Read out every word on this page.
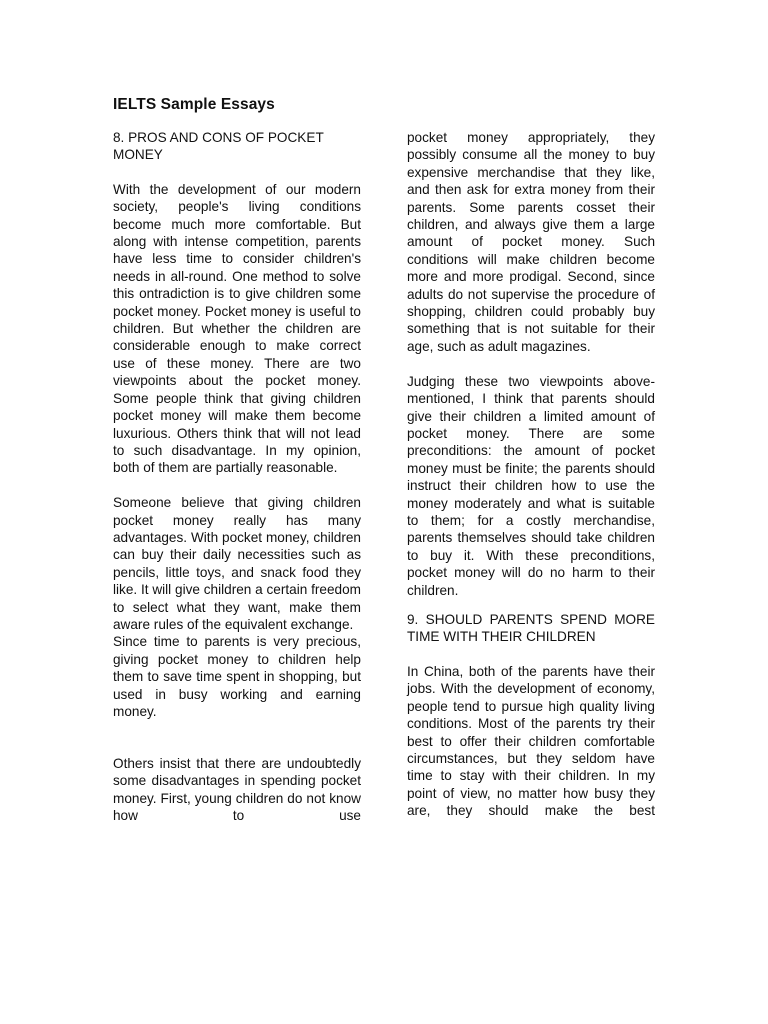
IELTS Sample Essays

8. PROS AND CONS OF POCKET MONEY

With the development of our modern society, people's living conditions become much more comfortable. But along with intense competition, parents have less time to consider children's needs in all-round. One method to solve this ontradiction is to give children some pocket money. Pocket money is useful to children. But whether the children are considerable enough to make correct use of these money. There are two viewpoints about the pocket money. Some people think that giving children pocket money will make them become luxurious. Others think that will not lead to such disadvantage. In my opinion, both of them are partially reasonable.

Someone believe that giving children pocket money really has many advantages. With pocket money, children can buy their daily necessities such as pencils, little toys, and snack food they like. It will give children a certain freedom to select what they want, make them aware rules of the equivalent exchange.

Since time to parents is very precious, giving pocket money to children help them to save time spent in shopping, but used in busy working and earning money.

Others insist that there are undoubtedly some disadvantages in spending pocket money. First, young children do not know how to use

pocket money appropriately, they possibly consume all the money to buy expensive merchandise that they like, and then ask for extra money from their parents. Some parents cosset their children, and always give them a large amount of pocket money. Such conditions will make children become more and more prodigal. Second, since adults do not supervise the procedure of shopping, children could probably buy something that is not suitable for their age, such as adult magazines.

Judging these two viewpoints above-mentioned, I think that parents should give their children a limited amount of pocket money. There are some preconditions: the amount of pocket money must be finite; the parents should instruct their children how to use the money moderately and what is suitable to them; for a costly merchandise, parents themselves should take children to buy it. With these preconditions, pocket money will do no harm to their children.

9. SHOULD PARENTS SPEND MORE TIME WITH THEIR CHILDREN

In China, both of the parents have their jobs. With the development of economy, people tend to pursue high quality living conditions. Most of the parents try their best to offer their children comfortable circumstances, but they seldom have time to stay with their children. In my point of view, no matter how busy they are, they should make the best
